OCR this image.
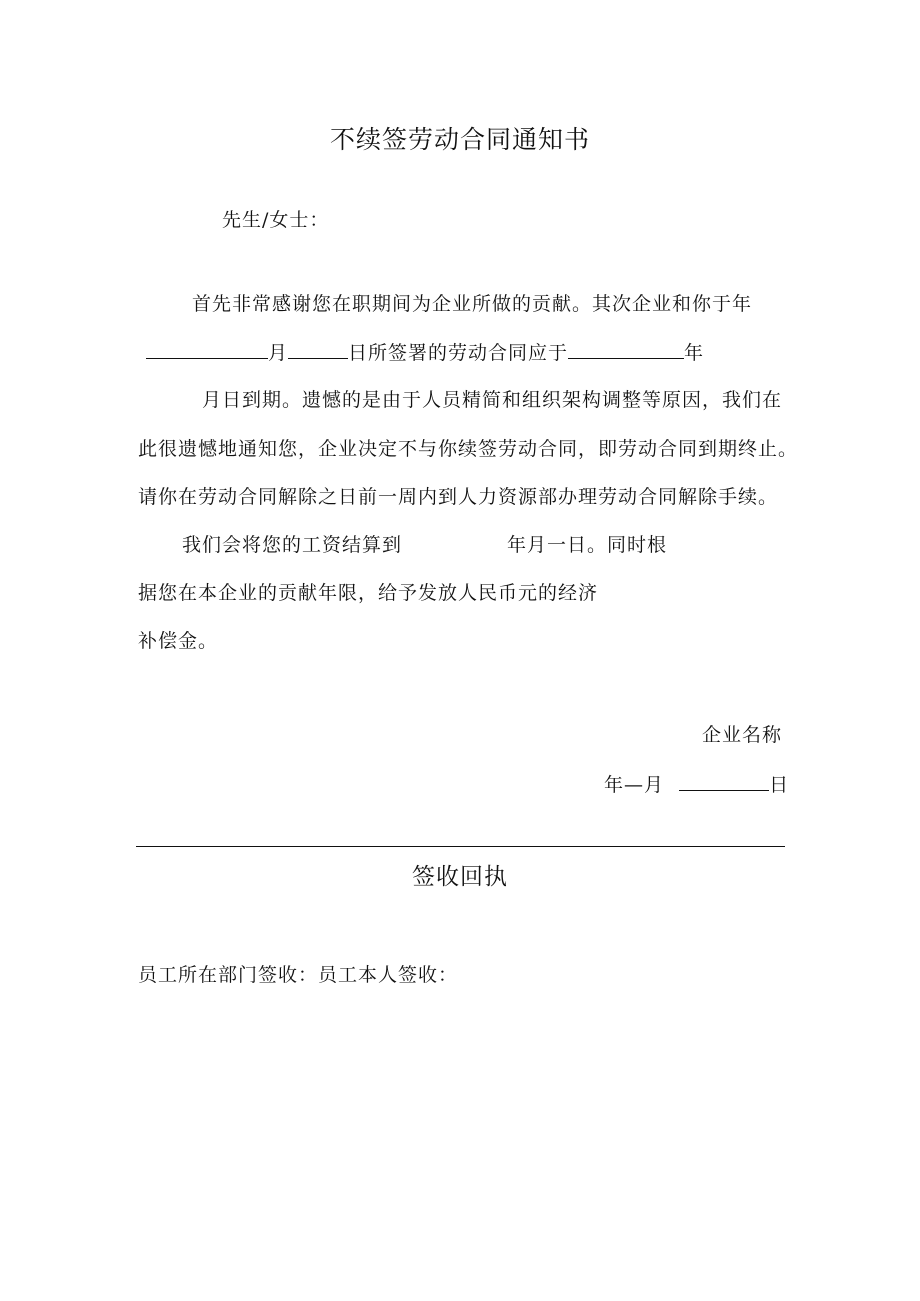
不续签劳动合同通知书
先生/女士：
首先非常感谢您在职期间为企业所做的贡献。其次企业和你于年
月	日所签署的劳动合同应于	年
月日到期。遗憾的是由于人员精简和组织架构调整等原因，我们在
此很遗憾地通知您，企业决定不与你续签劳动合同，即劳动合同到期终止。
请你在劳动合同解除之日前一周内到人力资源部办理劳动合同解除手续。
我们会将您的工资结算到	年月一日。同时根
据您在本企业的贡献年限，给予发放人民币元的经济
补偿金。
企业名称
年—月	日
签收回执
员工所在部门签收：员工本人签收：
